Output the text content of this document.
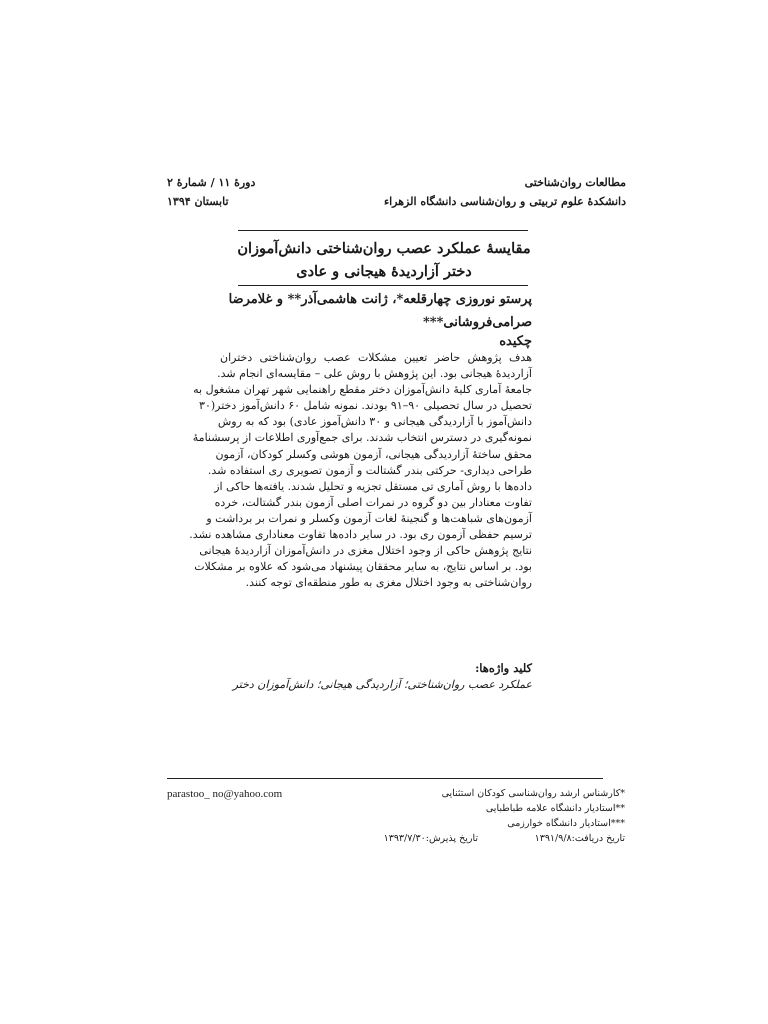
مطالعات روان‌شناختی
دانشکدهٔ علوم تربیتی و روان‌شناسی دانشگاه الزهراء
دورهٔ ۱۱ / شمارهٔ ۲
تابستان ۱۳۹۴
مقایسهٔ عملکرد عصب روان‌شناختی دانش‌آموزان
دختر آزاردیدهٔ هیجانی و عادی
پرستو نوروزی چهارقلعه*، ژانت هاشمی‌آذر** و غلامرضا
صرامی‌فروشانی***
چکیده
هدف پژوهش حاضر تعیین مشکلات عصب روان‌شناختی دختران
آزاردیدهٔ هیجانی بود. این پژوهش با روش علی – مقایسه‌ای انجام شد.
جامعهٔ آماری کلیهٔ دانش‌آموزان دختر مقطع راهنمایی شهر تهران مشغول به
تحصیل در سال تحصیلی ۹۰–۹۱ بودند. نمونه شامل ۶۰ دانش‌آموز دختر(۳۰
دانش‌آموز با آزاردیدگی هیجانی و ۳۰ دانش‌آموز عادی) بود که به روش
نمونه‌گیری در دسترس انتخاب شدند. برای جمع‌آوری اطلاعات از پرسشنامهٔ
محقق ساختهٔ آزاردیدگی هیجانی، آزمون هوشی وکسلر کودکان، آزمون
طراحی دیداری- حرکتی بندر گشتالت و آزمون تصویری ری استفاده شد.
داده‌ها با روش آماری تی مستقل تجزیه و تحلیل شدند. یافته‌ها حاکی از
تفاوت معنادار بین دو گروه در نمرات اصلی آزمون بندر گشتالت، خرده
آزمون‌های شباهت‌ها و گنجینهٔ لغات آزمون وکسلر و نمرات بر برداشت و
ترسیم حفظی آزمون ری بود. در سایر داده‌ها تفاوت معناداری مشاهده نشد.
نتایج پژوهش حاکی از وجود اختلال مغزی در دانش‌آموزان آزاردیدهٔ هیجانی
بود. بر اساس نتایج، به سایر محققان پیشنهاد می‌شود که علاوه بر مشکلات
روان‌شناختی به وجود اختلال مغزی به طور منطقه‌ای توجه کنند.
کلید واژه‌ها:
عملکرد عصب روان‌شناختی؛ آزاردیدگی هیجانی؛ دانش‌آموزان دختر
*کارشناس ارشد روان‌شناسی کودکان استثنایی
**استادیار دانشگاه علامه طباطبایی
***استادیار دانشگاه خوارزمی
تاریخ دریافت:۱۳۹۱/۹/۸
تاریخ پذیرش:۱۳۹۳/۷/۳۰
parastoo_ no@yahoo.com
